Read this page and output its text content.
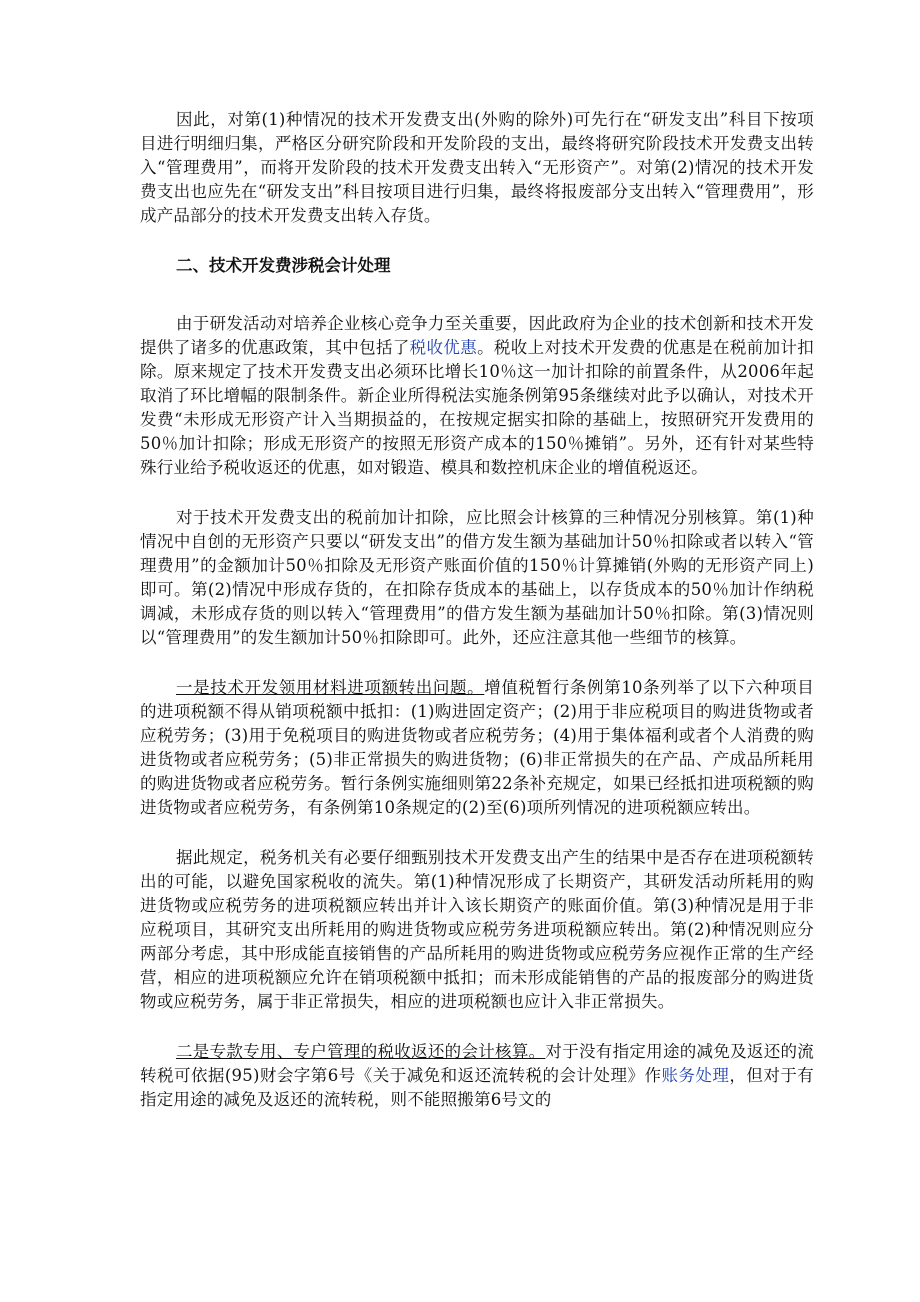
因此，对第(1)种情况的技术开发费支出(外购的除外)可先行在“研发支出”科目下按项目进行明细归集，严格区分研究阶段和开发阶段的支出，最终将研究阶段技术开发费支出转入“管理费用”，而将开发阶段的技术开发费支出转入“无形资产”。对第(2)情况的技术开发费支出也应先在“研发支出”科目按项目进行归集，最终将报废部分支出转入“管理费用”，形成产品部分的技术开发费支出转入存货。

二、技术开发费涉税会计处理

由于研发活动对培养企业核心竞争力至关重要，因此政府为企业的技术创新和技术开发提供了诸多的优惠政策，其中包括了税收优惠。税收上对技术开发费的优惠是在税前加计扣除。原来规定了技术开发费支出必须环比增长10％这一加计扣除的前置条件，从2006年起取消了环比增幅的限制条件。新企业所得税法实施条例第95条继续对此予以确认，对技术开发费“未形成无形资产计入当期损益的，在按规定据实扣除的基础上，按照研究开发费用的50％加计扣除；形成无形资产的按照无形资产成本的150％摊销”。另外，还有针对某些特殊行业给予税收返还的优惠，如对锻造、模具和数控机床企业的增值税返还。

对于技术开发费支出的税前加计扣除，应比照会计核算的三种情况分别核算。第(1)种情况中自创的无形资产只要以“研发支出”的借方发生额为基础加计50％扣除或者以转入“管理费用”的金额加计50％扣除及无形资产账面价值的150％计算摊销(外购的无形资产同上)即可。第(2)情况中形成存货的，在扣除存货成本的基础上，以存货成本的50％加计作纳税调减，未形成存货的则以转入“管理费用”的借方发生额为基础加计50％扣除。第(3)情况则以“管理费用”的发生额加计50％扣除即可。此外，还应注意其他一些细节的核算。

一是技术开发领用材料进项额转出问题。增值税暂行条例第10条列举了以下六种项目的进项税额不得从销项税额中抵扣：(1)购进固定资产；(2)用于非应税项目的购进货物或者应税劳务；(3)用于免税项目的购进货物或者应税劳务；(4)用于集体福利或者个人消费的购进货物或者应税劳务；(5)非正常损失的购进货物；(6)非正常损失的在产品、产成品所耗用的购进货物或者应税劳务。暂行条例实施细则第22条补充规定，如果已经抵扣进项税额的购进货物或者应税劳务，有条例第10条规定的(2)至(6)项所列情况的进项税额应转出。

据此规定，税务机关有必要仔细甄别技术开发费支出产生的结果中是否存在进项税额转出的可能，以避免国家税收的流失。第(1)种情况形成了长期资产，其研发活动所耗用的购进货物或应税劳务的进项税额应转出并计入该长期资产的账面价值。第(3)种情况是用于非应税项目，其研究支出所耗用的购进货物或应税劳务进项税额应转出。第(2)种情况则应分两部分考虑，其中形成能直接销售的产品所耗用的购进货物或应税劳务应视作正常的生产经营，相应的进项税额应允许在销项税额中抵扣；而未形成能销售的产品的报废部分的购进货物或应税劳务，属于非正常损失，相应的进项税额也应计入非正常损失。

二是专款专用、专户管理的税收返还的会计核算。对于没有指定用途的减免及返还的流转税可依据(95)财会字第6号《关于减免和返还流转税的会计处理》作账务处理，但对于有指定用途的减免及返还的流转税，则不能照搬第6号文的
